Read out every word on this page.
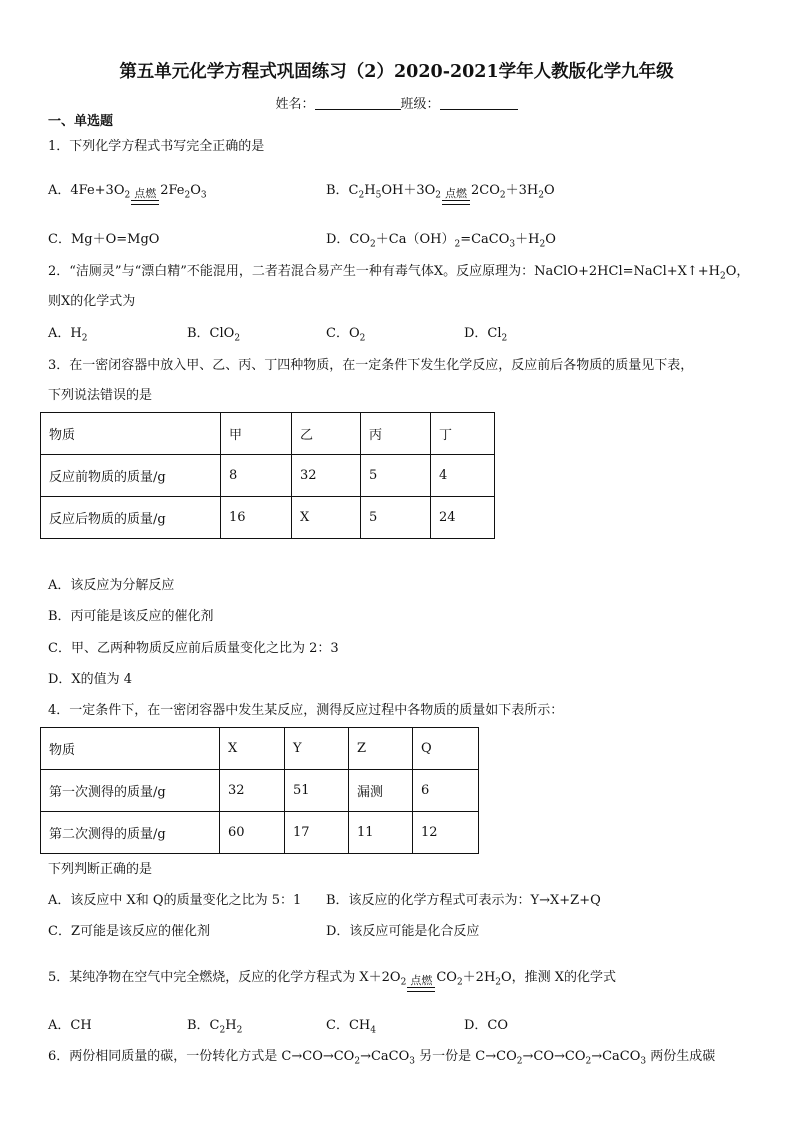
第五单元化学方程式巩固练习（2）2020-2021学年人教版化学九年级
姓名：	班级：
一、单选题
1．下列化学方程式书写完全正确的是
A．$4Fe+3O_2$ 点燃 $2Fe_2O_3$	B．$C_2H_5OH+3O_2$ 点燃 $2CO_2+3H_2O$
C．Mg＋O=MgO	D．$CO_2+Ca(OH)_2=CaCO_3+H_2O$
2．“洁厕灵”与“漂白精”不能混用，二者若混合易产生一种有毒气体X。反应原理为：$NaClO+2HCl=NaCl+X↑+H_2O$，
则X的化学式为
A．$H_2$	B．ClO$_2$	C．$O_2$	D．$Cl_2$
3．在一密闭容器中放入甲、乙、丙、丁四种物质，在一定条件下发生化学反应，反应前后各物质的质量见下表，
下列说法错误的是
物质	甲	乙	丙	丁
反应前物质的质量/g	8	32	5	4
反应后物质的质量/g	16	X	5	24
A．该反应为分解反应
B．丙可能是该反应的催化剂
C．甲、乙两种物质反应前后质量变化之比为 2：3
D．X的值为 4
4．一定条件下，在一密闭容器中发生某反应，测得反应过程中各物质的质量如下表所示：
物质	X	Y	Z	Q
第一次测得的质量/g	32	51	漏测	6
第二次测得的质量/g	60	17	11	12
下列判断正确的是
A．该反应中 X和 Q的质量变化之比为 5：1 B．该反应的化学方程式可表示为：Y→X+Z+Q
C．Z可能是该反应的催化剂	D．该反应可能是化合反应
5．某纯净物在空气中完全燃烧，反应的化学方程式为 $X+2O_2$ 点燃 $CO_2+2H_2O$，推测 X的化学式
A．CH	B．$C_2H_2$	C．$CH_4$	D．CO
6．两份相同质量的碳，一份转化方式是 $C\to CO\to CO_2\to CaCO_3$ 另一份是 $C\to CO_2\to CO\to CO_2\to CaCO_3$ 两份生成碳
